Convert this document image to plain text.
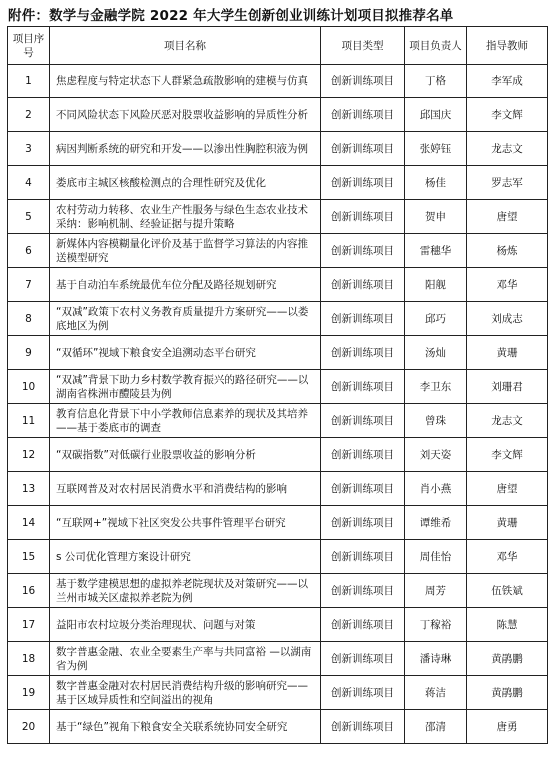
附件：数学与金融学院 2022 年大学生创新创业训练计划项目拟推荐名单
项目序号	项目名称	项目类型	项目负责人	指导教师
1	焦虑程度与特定状态下人群紧急疏散影响的建模与仿真	创新训练项目	丁格	李军成
2	不同风险状态下风险厌恶对股票收益影响的异质性分析	创新训练项目	邱国庆	李文辉
3	病因判断系统的研究和开发——以渗出性胸腔积液为例	创新训练项目	张婷钰	龙志文
4	娄底市主城区核酸检测点的合理性研究及优化	创新训练项目	杨佳	罗志军
5	农村劳动力转移、农业生产性服务与绿色生态农业技术采纳：影响机制、经验证据与提升策略	创新训练项目	贺申	唐望
6	新媒体内容模糊量化评价及基于监督学习算法的内容推送模型研究	创新训练项目	雷穗华	杨炼
7	基于自动泊车系统最优车位分配及路径规划研究	创新训练项目	阳舰	邓华
8	“双减”政策下农村义务教育质量提升方案研究——以娄底地区为例	创新训练项目	邱巧	刘成志
9	“双循环”视域下粮食安全追溯动态平台研究	创新训练项目	汤灿	黄珊
10	“双减”背景下助力乡村数学教育振兴的路径研究——以湖南省株洲市醴陵县为例	创新训练项目	李卫东	刘珊君
11	教育信息化背景下中小学教师信息素养的现状及其培养——基于娄底市的调查	创新训练项目	曾珠	龙志文
12	“双碳指数”对低碳行业股票收益的影响分析	创新训练项目	刘天姿	李文辉
13	互联网普及对农村居民消费水平和消费结构的影响	创新训练项目	肖小燕	唐望
14	“互联网+”视域下社区突发公共事件管理平台研究	创新训练项目	谭维希	黄珊
15	s 公司优化管理方案设计研究	创新训练项目	周佳怡	邓华
16	基于数学建模思想的虚拟养老院现状及对策研究——以兰州市城关区虚拟养老院为例	创新训练项目	周芳	伍铁斌
17	益阳市农村垃圾分类治理现状、问题与对策	创新训练项目	丁稼裕	陈慧
18	数字普惠金融、农业全要素生产率与共同富裕 —以湖南省为例	创新训练项目	潘诗琳	黄鹃鹏
19	数字普惠金融对农村居民消费结构升级的影响研究——基于区域异质性和空间溢出的视角	创新训练项目	蒋洁	黄鹃鹏
20	基于“绿色”视角下粮食安全关联系统协同安全研究	创新训练项目	邵清	唐勇
